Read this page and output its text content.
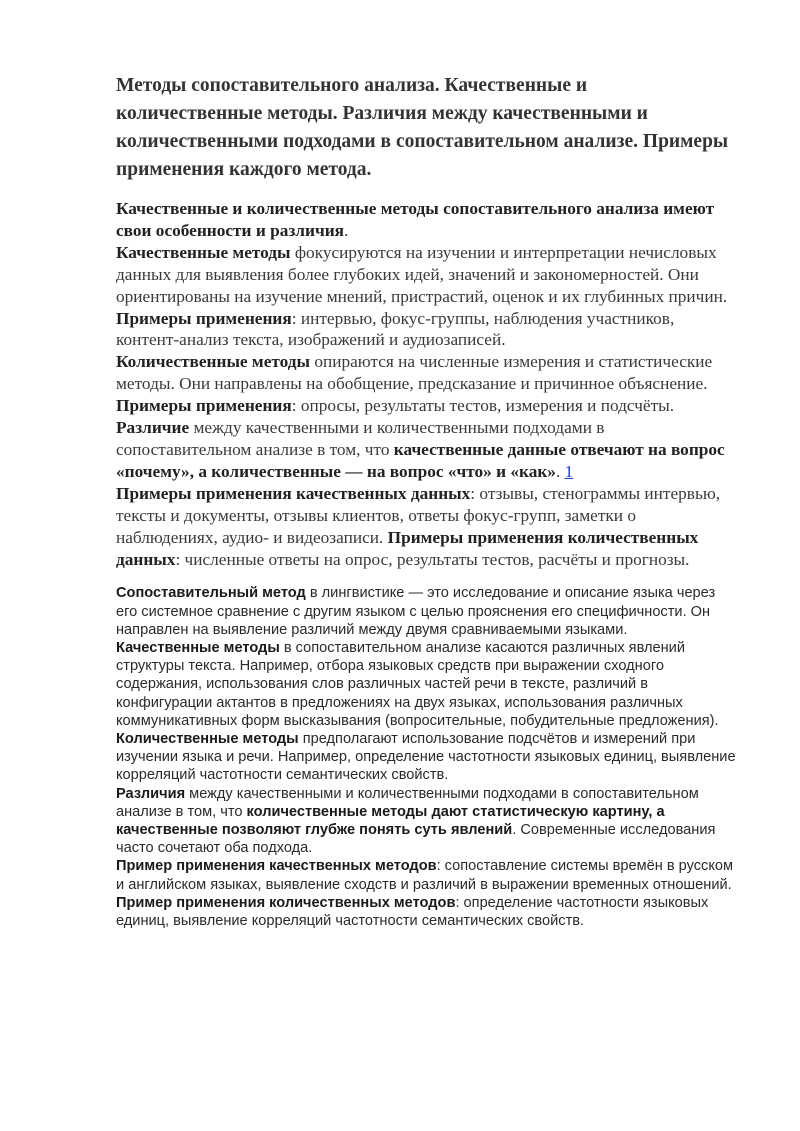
Методы сопоставительного анализа. Качественные и количественные методы. Различия между качественными и количественными подходами в сопоставительном анализе. Примеры применения каждого метода.

Качественные и количественные методы сопоставительного анализа имеют свои особенности и различия.

Качественные методы фокусируются на изучении и интерпретации нечисловых данных для выявления более глубоких идей, значений и закономерностей. Они ориентированы на изучение мнений, пристрастий, оценок и их глубинных причин. Примеры применения: интервью, фокус-группы, наблюдения участников, контент-анализ текста, изображений и аудиозаписей.

Количественные методы опираются на численные измерения и статистические методы. Они направлены на обобщение, предсказание и причинное объяснение. Примеры применения: опросы, результаты тестов, измерения и подсчёты.

Различие между качественными и количественными подходами в сопоставительном анализе в том, что качественные данные отвечают на вопрос «почему», а количественные — на вопрос «что» и «как». 1

Примеры применения качественных данных: отзывы, стенограммы интервью, тексты и документы, отзывы клиентов, ответы фокус-групп, заметки о наблюдениях, аудио- и видеозаписи. Примеры применения количественных данных: численные ответы на опрос, результаты тестов, расчёты и прогнозы.

Сопоставительный метод в лингвистике — это исследование и описание языка через его системное сравнение с другим языком с целью прояснения его специфичности. Он направлен на выявление различий между двумя сравниваемыми языками.

Качественные методы в сопоставительном анализе касаются различных явлений структуры текста. Например, отбора языковых средств при выражении сходного содержания, использования слов различных частей речи в тексте, различий в конфигурации актантов в предложениях на двух языках, использования различных коммуникативных форм высказывания (вопросительные, побудительные предложения).

Количественные методы предполагают использование подсчётов и измерений при изучении языка и речи. Например, определение частотности языковых единиц, выявление корреляций частотности семантических свойств.

Различия между качественными и количественными подходами в сопоставительном анализе в том, что количественные методы дают статистическую картину, а качественные позволяют глубже понять суть явлений. Современные исследования часто сочетают оба подхода.

Пример применения качественных методов: сопоставление системы времён в русском и английском языках, выявление сходств и различий в выражении временных отношений. Пример применения количественных методов: определение частотности языковых единиц, выявление корреляций частотности семантических свойств.
